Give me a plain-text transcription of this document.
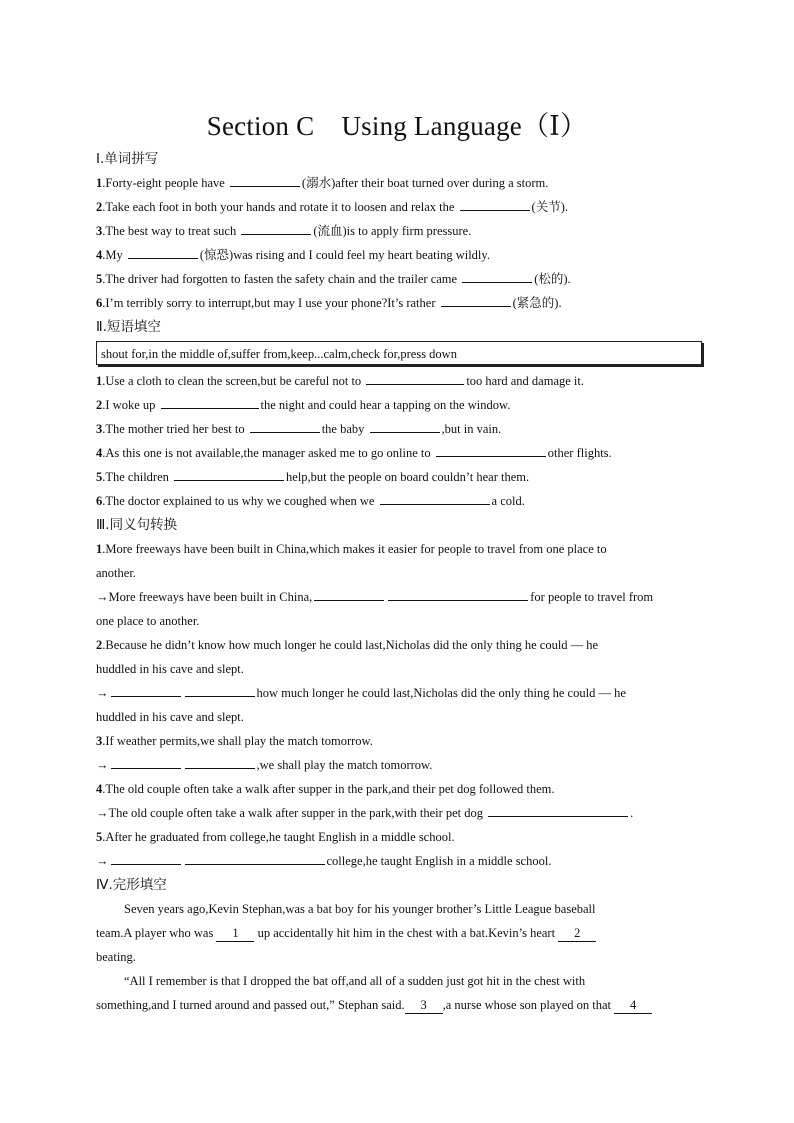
Section C　Using Language（Ⅰ）
Ⅰ.单词拼写
1.Forty-eight people have	(溺水)after their boat turned over during a storm.
2.Take each foot in both your hands and rotate it to loosen and relax the	(关节).
3.The best way to treat such	(流血)is to apply firm pressure.
4.My	(惊恐)was rising and I could feel my heart beating wildly.
5.The driver had forgotten to fasten the safety chain and the trailer came	(松的).
6.I’m terribly sorry to interrupt,but may I use your phone?It’s rather	(紧急的).
Ⅱ.短语填空
shout for,in the middle of,suffer from,keep...calm,check for,press down
1.Use a cloth to clean the screen,but be careful not to	too hard and damage it.
2.I woke up	the night and could hear a tapping on the window.
3.The mother tried her best to	the baby	,but in vain.
4.As this one is not available,the manager asked me to go online to	other flights.
5.The children	help,but the people on board couldn’t hear them.
6.The doctor explained to us why we coughed when we	a cold.
Ⅲ.同义句转换
1.More freeways have been built in China,which makes it easier for people to travel from one place to
another.
→More freeways have been built in China,	for people to travel from
one place to another.
2.Because he didn’t know how much longer he could last,Nicholas did the only thing he could — he
huddled in his cave and slept.
→	how much longer he could last,Nicholas did the only thing he could — he
huddled in his cave and slept.
3.If weather permits,we shall play the match tomorrow.
→	,we shall play the match tomorrow.
4.The old couple often take a walk after supper in the park,and their pet dog followed them.
→The old couple often take a walk after supper in the park,with their pet dog	.
5.After he graduated from college,he taught English in a middle school.
→	college,he taught English in a middle school.
Ⅳ.完形填空
Seven years ago,Kevin Stephan,was a bat boy for his younger brother’s Little League baseball
team.A player who was 1 up accidentally hit him in the chest with a bat.Kevin’s heart 2
beating.
“All I remember is that I dropped the bat off,and all of a sudden just got hit in the chest with
something,and I turned around and passed out,” Stephan said. 3 ,a nurse whose son played on that 4
